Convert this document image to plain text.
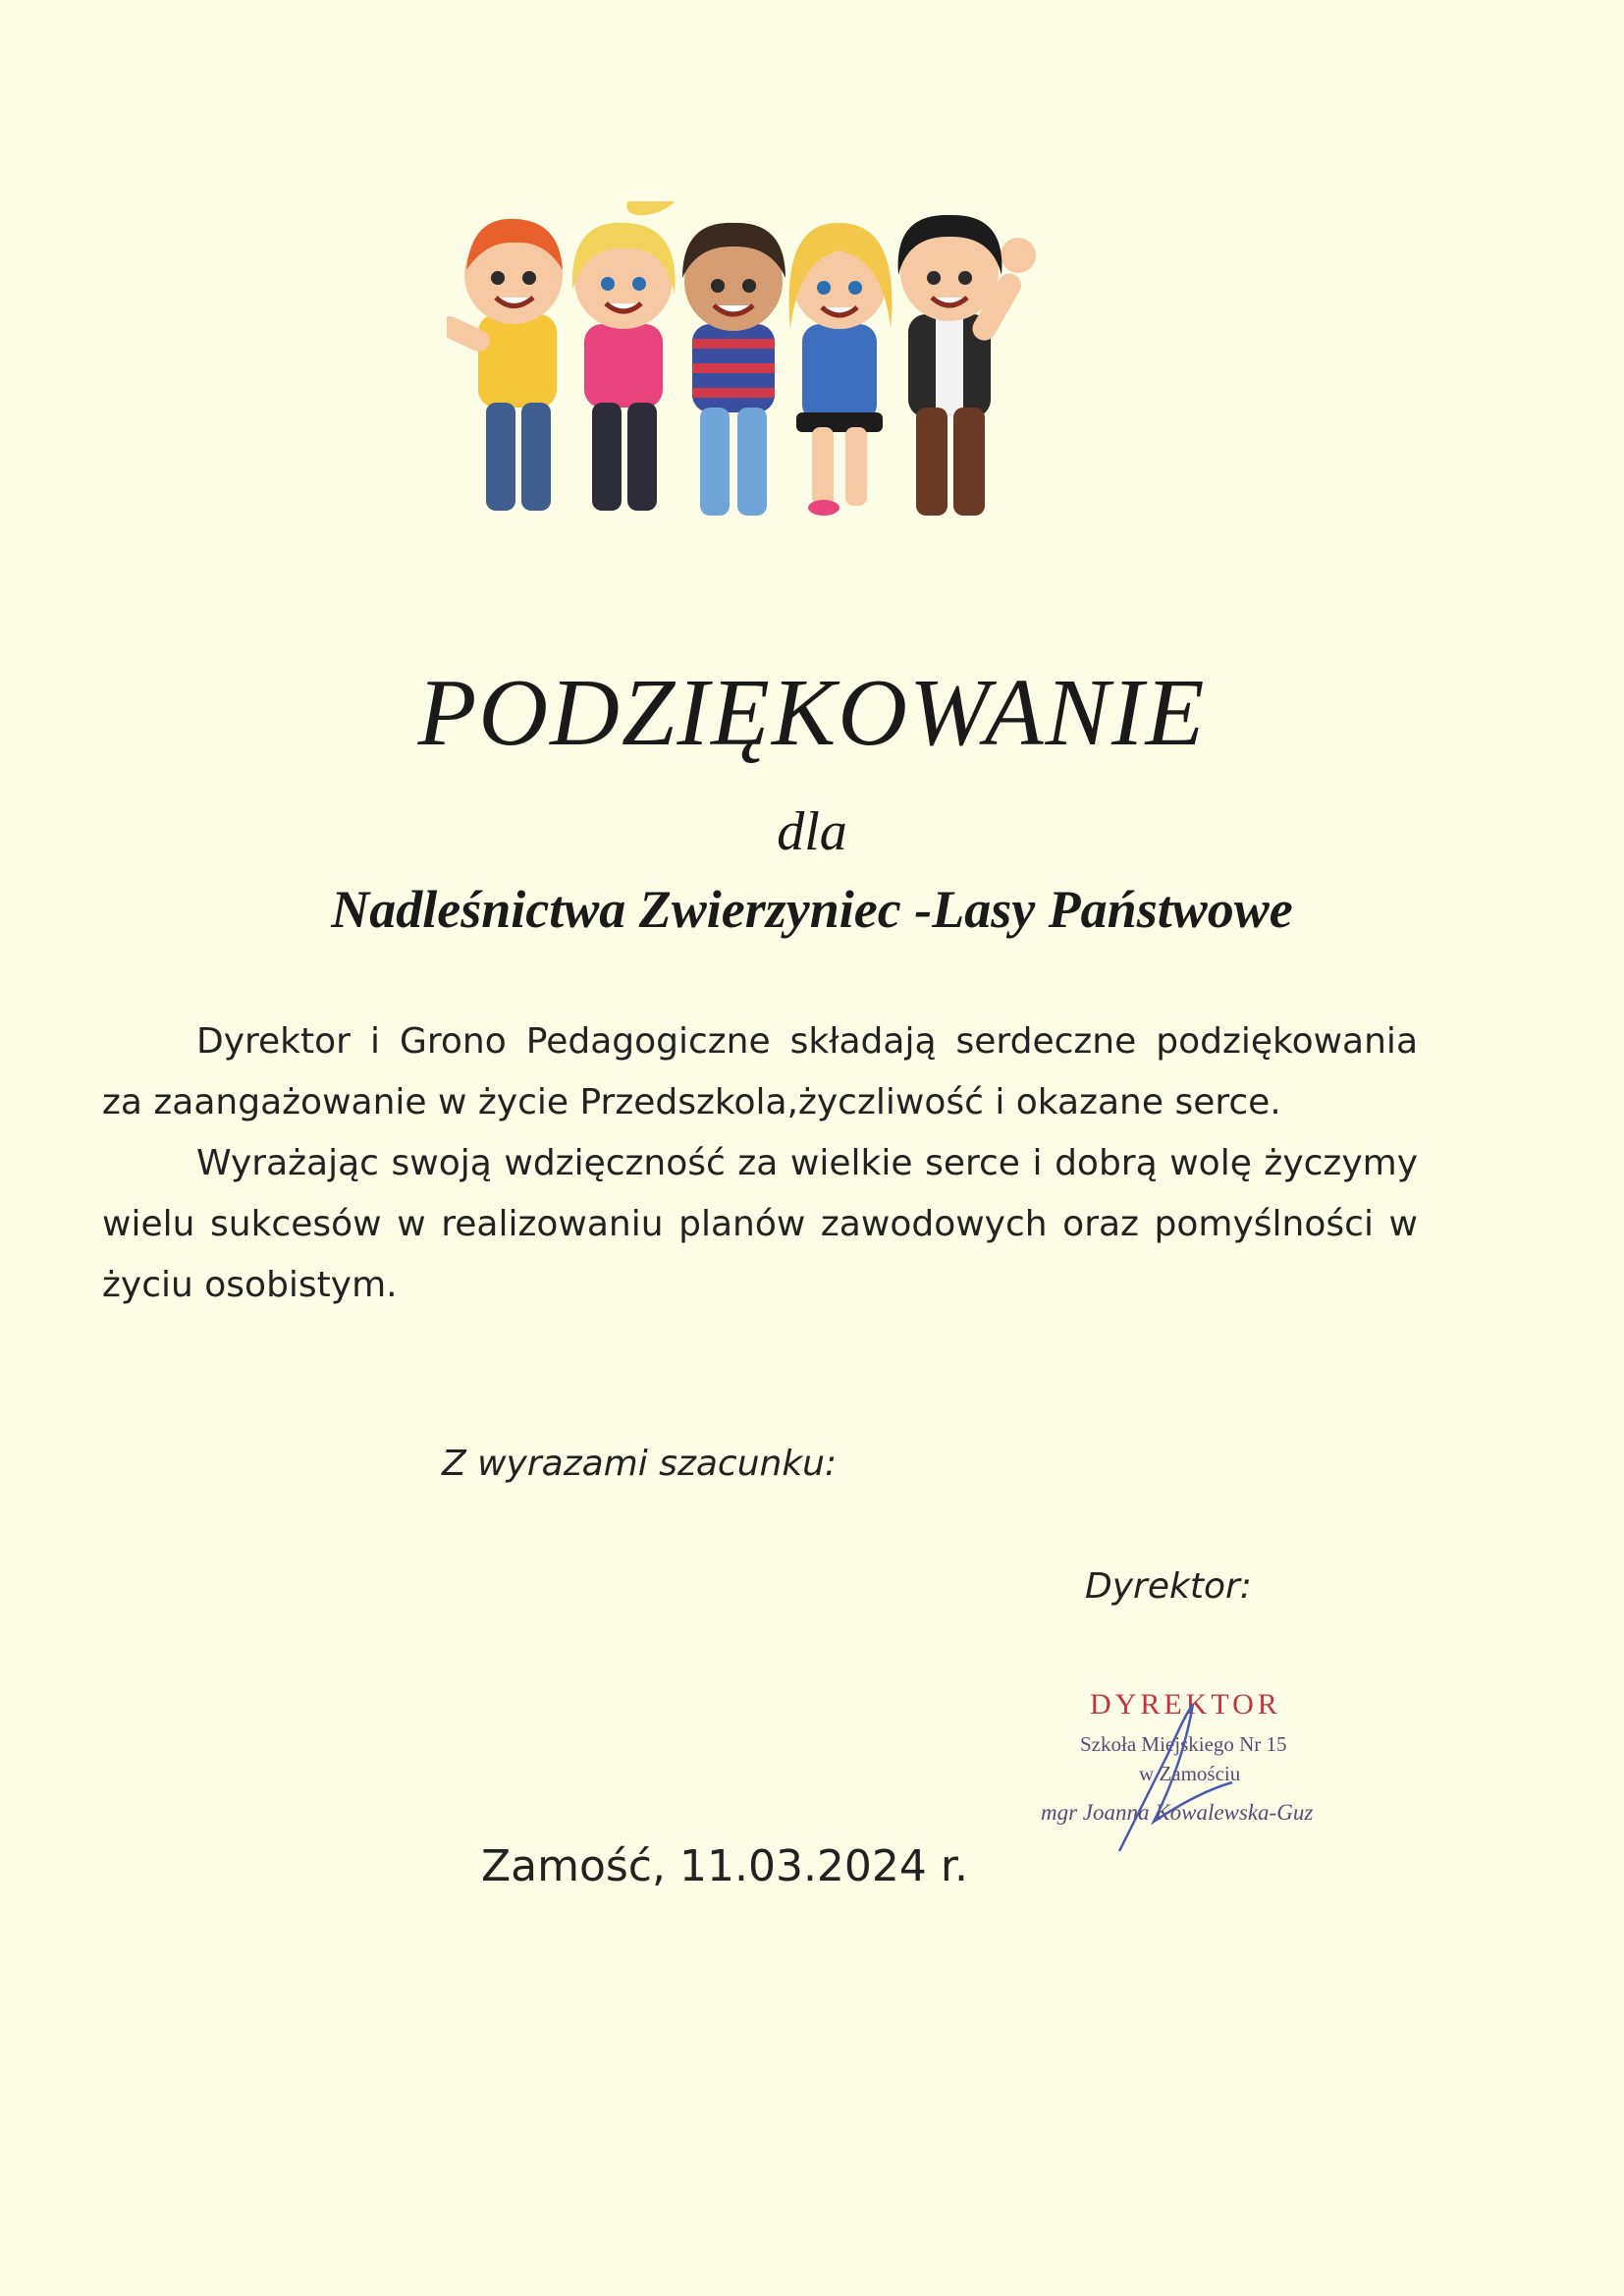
PODZIĘKOWANIE
dla
Nadleśnictwa Zwierzyniec -Lasy Państwowe

Dyrektor i Grono Pedagogiczne składają serdeczne podziękowania za zaangażowanie w życie Przedszkola,życzliwość i okazane serce.

Wyrażając swoją wdzięczność za wielkie serce i dobrą wolę życzymy wielu sukcesów w realizowaniu planów zawodowych oraz pomyślności w życiu osobistym.

Z wyrazami szacunku:
Dyrektor:
DYREKTOR
Szkoła Miejskiego Nr 15
w Zamościu
mgr Joanna Kowalewska-Guz
Zamość, 11.03.2024 r.
